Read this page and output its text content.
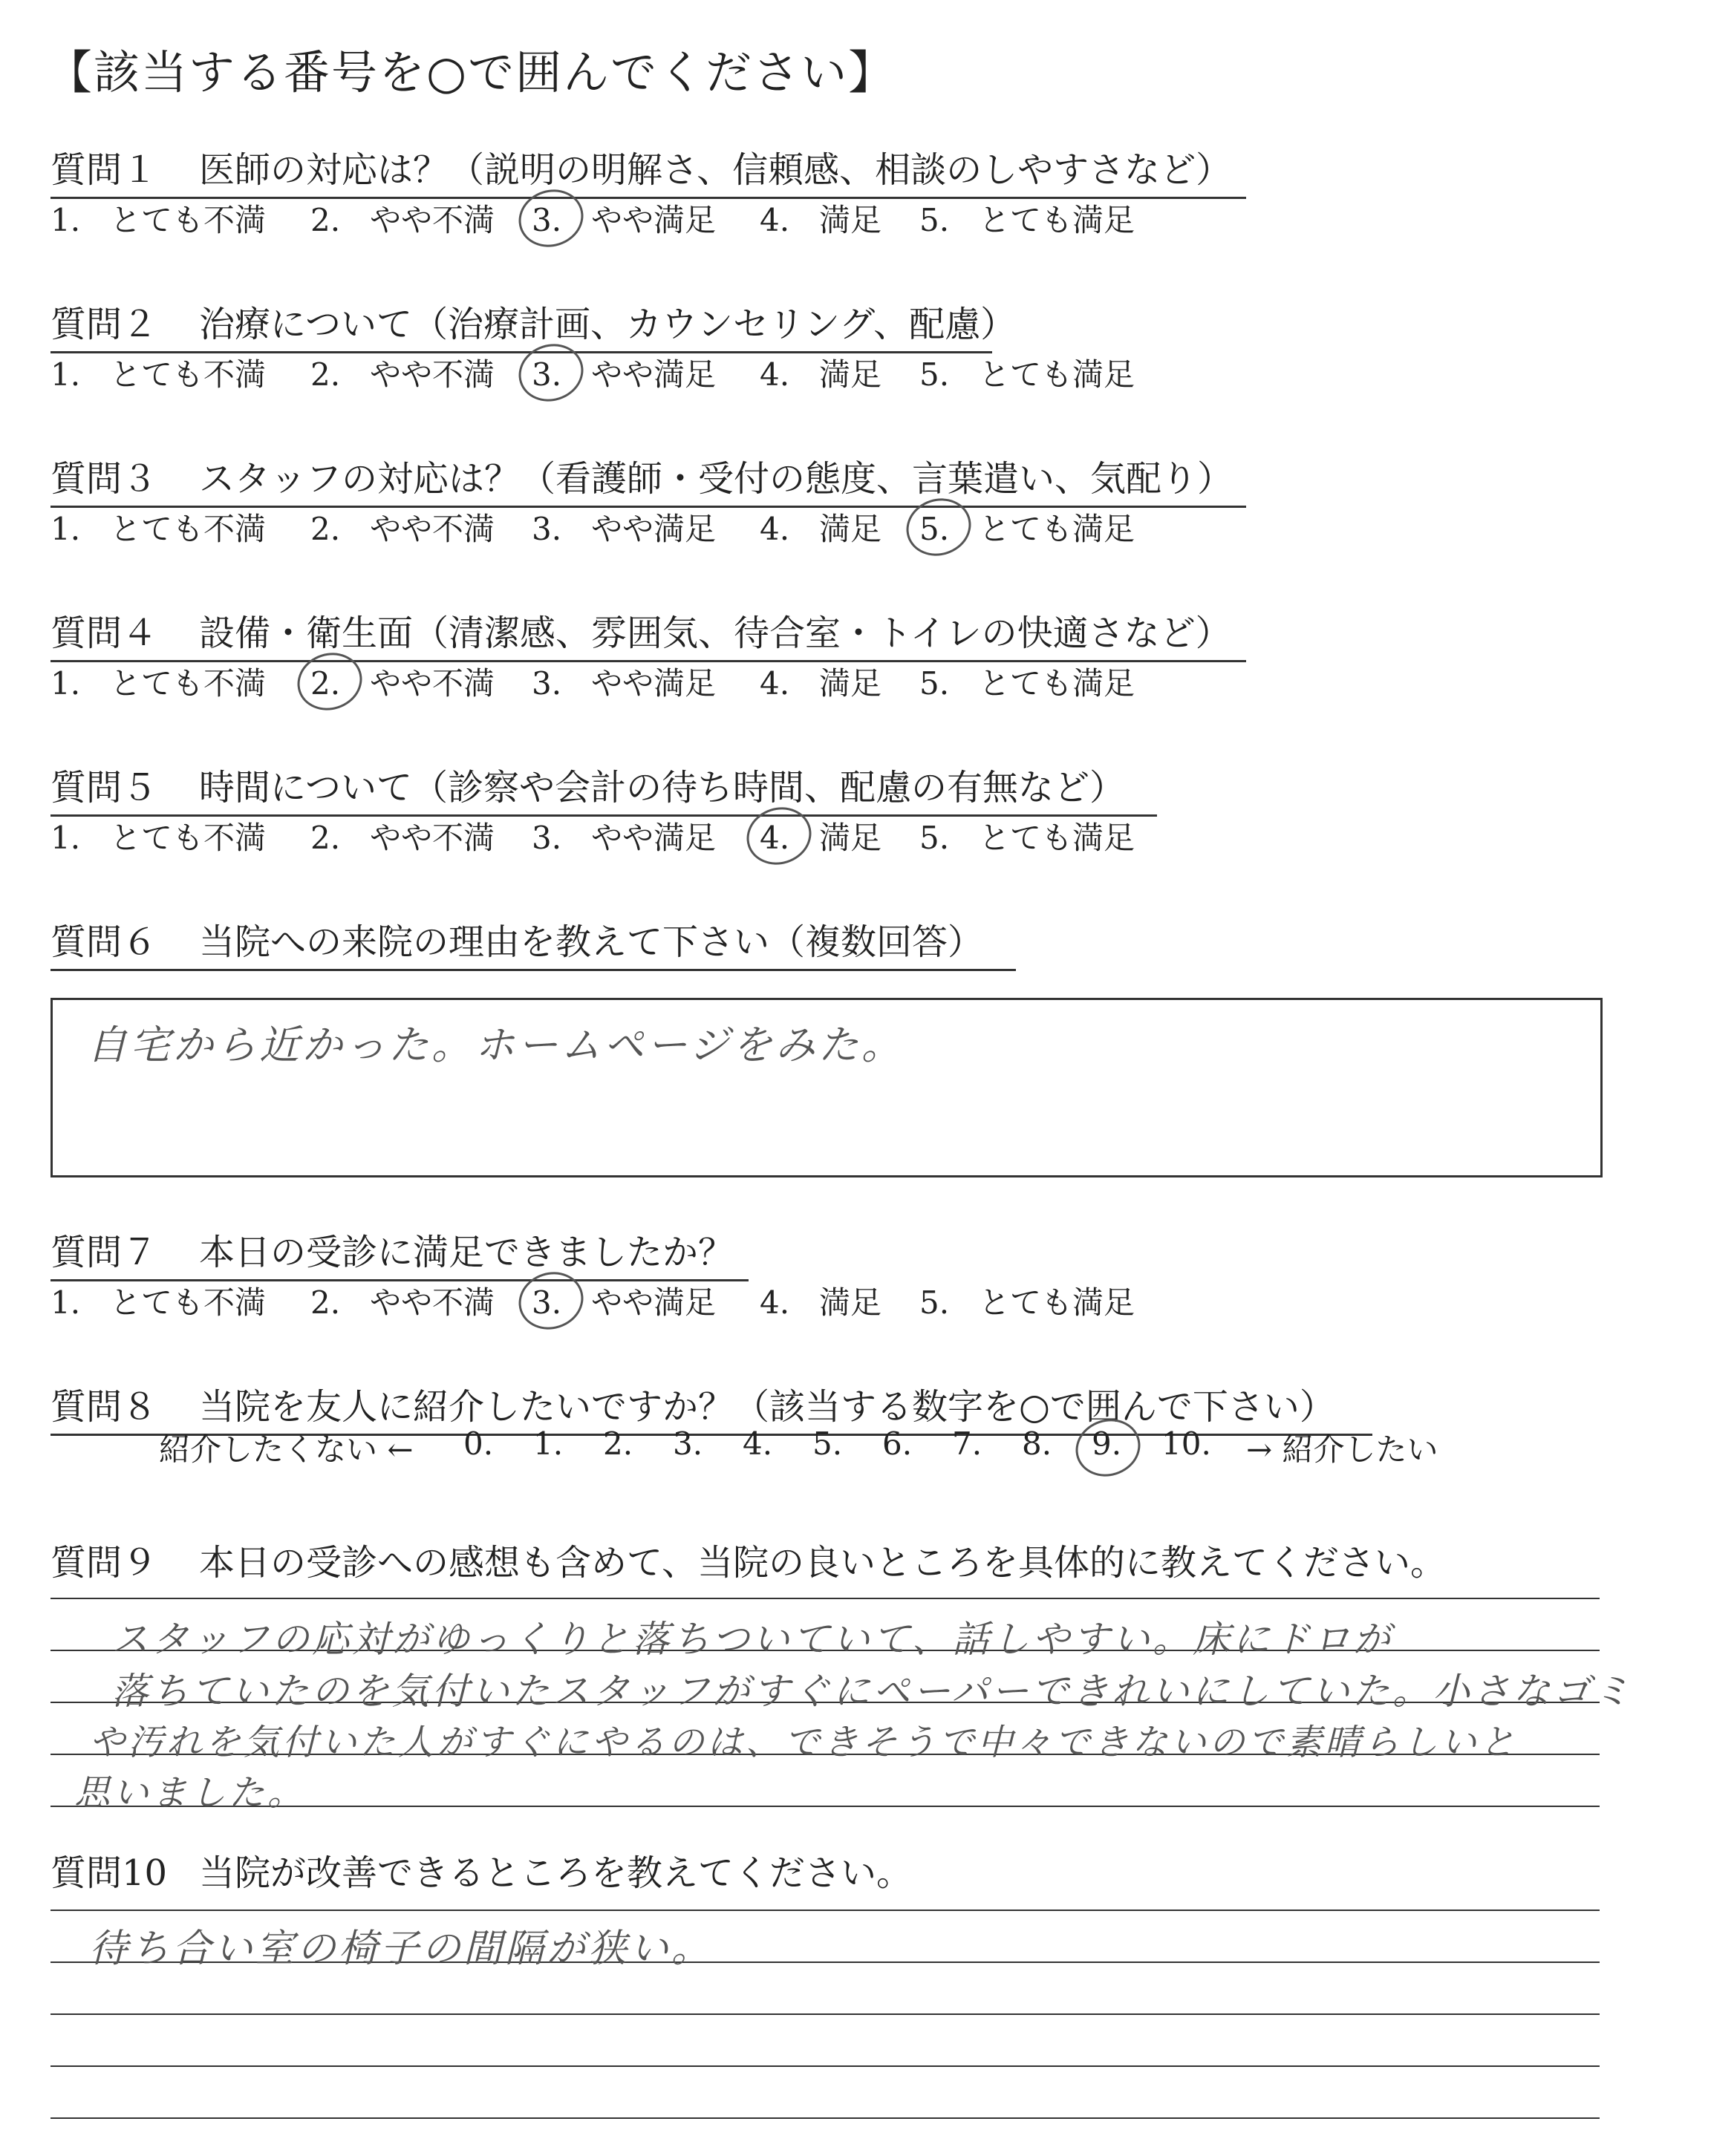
【該当する番号を○で囲んでください】
質問１ 医師の対応は？（説明の明解さ、信頼感、相談のしやすさなど）
1. とても不満 2. やや不満 3. やや満足 4. 満足 5. とても満足
質問２ 治療について（治療計画、カウンセリング、配慮）
1. とても不満 2. やや不満 3. やや満足 4. 満足 5. とても満足
質問３ スタッフの対応は？（看護師・受付の態度、言葉遣い、気配り）
1. とても不満 2. やや不満 3. やや満足 4. 満足 5. とても満足
質問４ 設備・衛生面（清潔感、雰囲気、待合室・トイレの快適さなど）
1. とても不満 2. やや不満 3. やや満足 4. 満足 5. とても満足
質問５ 時間について（診察や会計の待ち時間、配慮の有無など）
1. とても不満 2. やや不満 3. やや満足 4. 満足 5. とても満足
質問６ 当院への来院の理由を教えて下さい（複数回答）
自宅から近かった。ホームページをみた。
質問７ 本日の受診に満足できましたか？
1. とても不満 2. やや不満 3. やや満足 4. 満足 5. とても満足
質問８ 当院を友人に紹介したいですか？（該当する数字を○で囲んで下さい）
紹介したくない ← 0. 1. 2. 3. 4. 5. 6. 7. 8. 9. 10. → 紹介したい
質問９ 本日の受診への感想も含めて、当院の良いところを具体的に教えてください。
スタッフの応対がゆっくりと落ちついていて、話しやすい。床にドロが
落ちていたのを気付いたスタッフがすぐにペーパーできれいにしていた。小さなゴミ
や汚れを気付いた人がすぐにやるのは、できそうで中々できないので素晴らしいと
思いました。
質問10 当院が改善できるところを教えてください。
待ち合い室の椅子の間隔が狭い。
